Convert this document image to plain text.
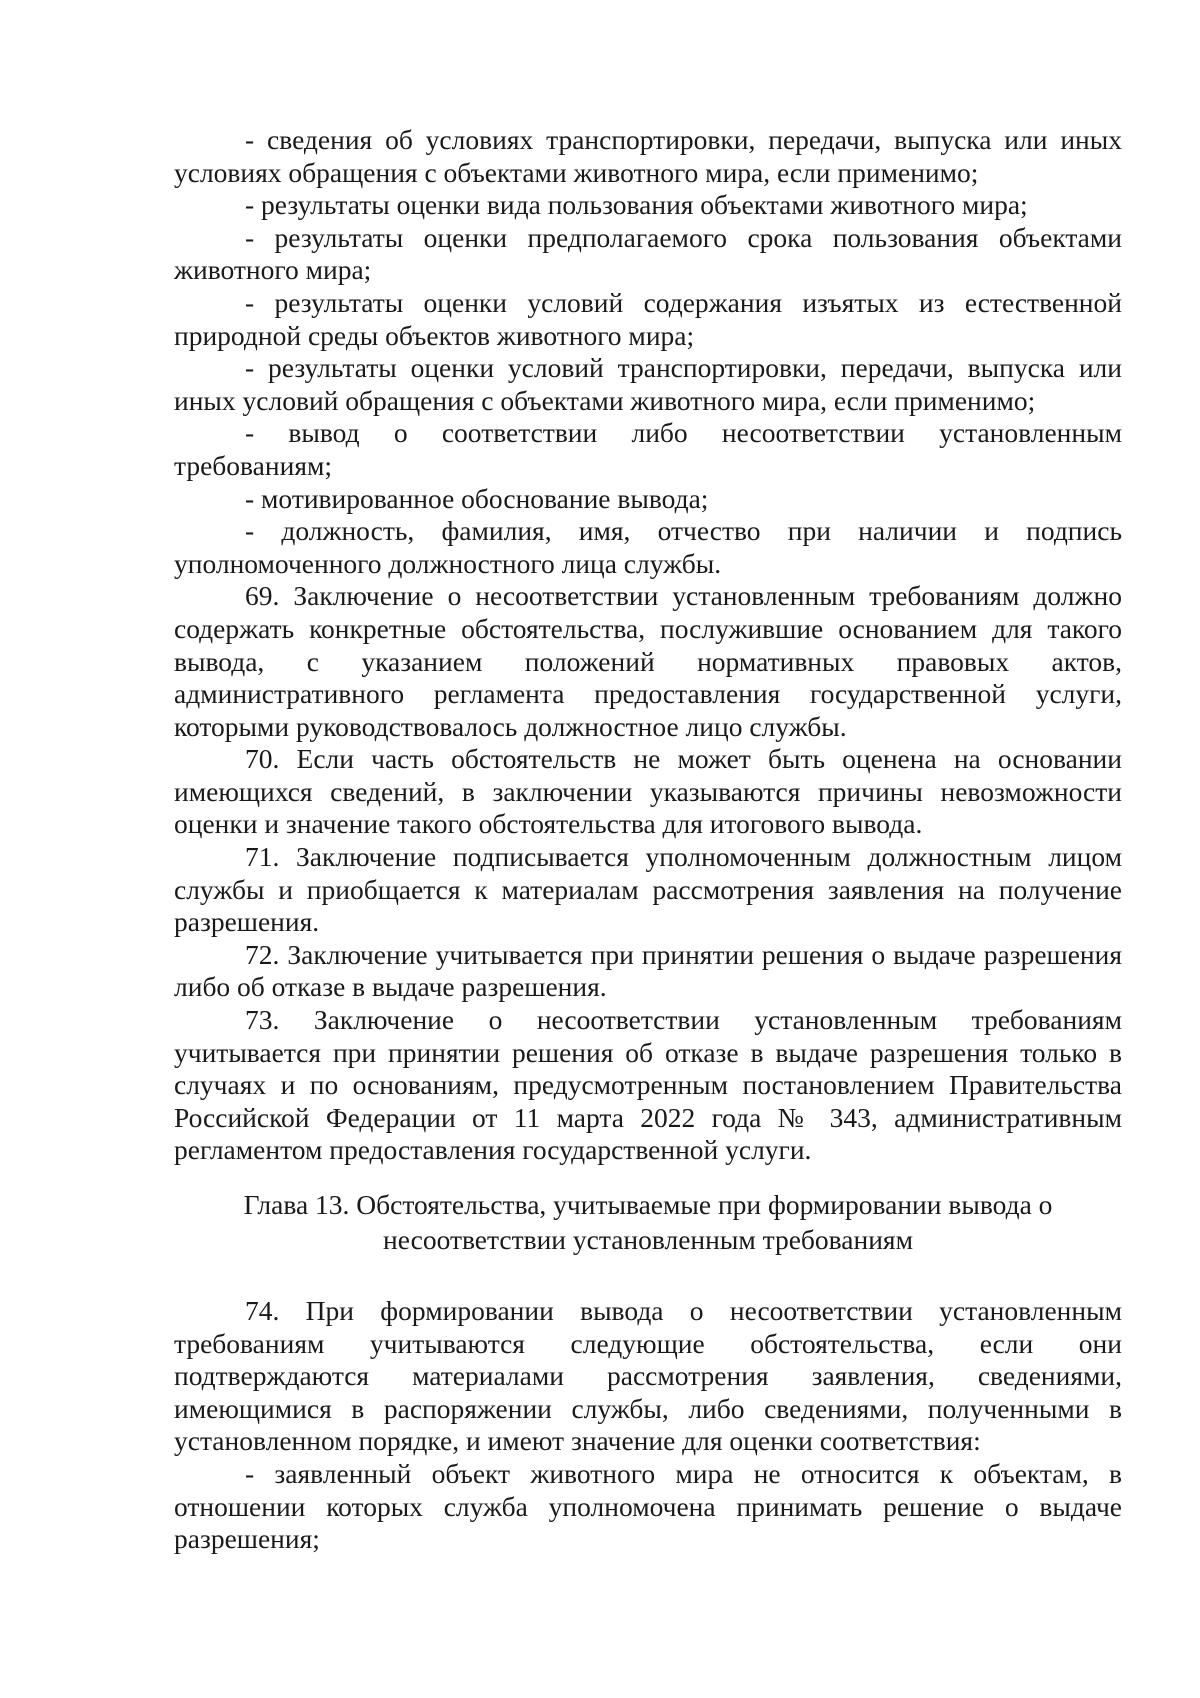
- сведения об условиях транспортировки, передачи, выпуска или иных условиях обращения с объектами животного мира, если применимо;

- результаты оценки вида пользования объектами животного мира;

- результаты оценки предполагаемого срока пользования объектами животного мира;

- результаты оценки условий содержания изъятых из естественной природной среды объектов животного мира;

- результаты оценки условий транспортировки, передачи, выпуска или иных условий обращения с объектами животного мира, если применимо;

- вывод о соответствии либо несоответствии установленным требованиям;

- мотивированное обоснование вывода;

- должность, фамилия, имя, отчество при наличии и подпись уполномоченного должностного лица службы.

69. Заключение о несоответствии установленным требованиям должно содержать конкретные обстоятельства, послужившие основанием для такого вывода, с указанием положений нормативных правовых актов, административного регламента предоставления государственной услуги, которыми руководствовалось должностное лицо службы.

70. Если часть обстоятельств не может быть оценена на основании имеющихся сведений, в заключении указываются причины невозможности оценки и значение такого обстоятельства для итогового вывода.

71. Заключение подписывается уполномоченным должностным лицом службы и приобщается к материалам рассмотрения заявления на получение разрешения.

72. Заключение учитывается при принятии решения о выдаче разрешения либо об отказе в выдаче разрешения.

73. Заключение о несоответствии установленным требованиям учитывается при принятии решения об отказе в выдаче разрешения только в случаях и по основаниям, предусмотренным постановлением Правительства Российской Федерации от 11 марта 2022 года № 343, административным регламентом предоставления государственной услуги.

Глава 13. Обстоятельства, учитываемые при формировании вывода о несоответствии установленным требованиям

74. При формировании вывода о несоответствии установленным требованиям учитываются следующие обстоятельства, если они подтверждаются материалами рассмотрения заявления, сведениями, имеющимися в распоряжении службы, либо сведениями, полученными в установленном порядке, и имеют значение для оценки соответствия:

- заявленный объект животного мира не относится к объектам, в отношении которых служба уполномочена принимать решение о выдаче разрешения;
